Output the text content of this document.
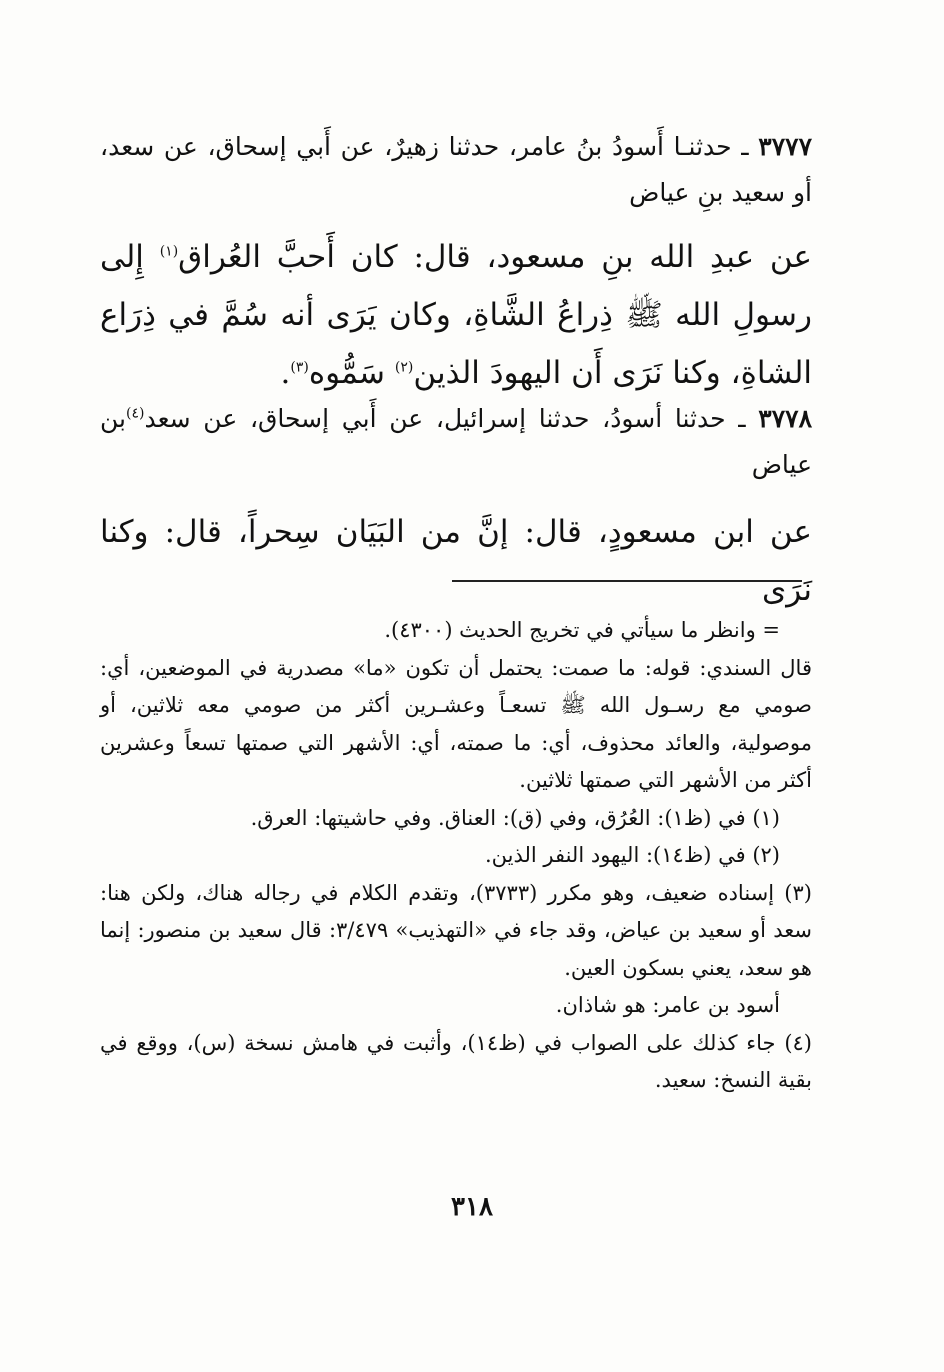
٣٧٧٧ ـ حدثنـا أَسودُ بنُ عامر، حدثنا زهيرٌ، عن أَبي إسحاق، عن سعد، أو سعيد بنِ عياض

عن عبدِ الله بنِ مسعود، قال: كان أَحبَّ العُراق$^{(١)}$ إِلى رسولِ الله ﷺ ذِراعُ الشَّاةِ، وكان يَرَى أنه سُمَّ في ذِرَاع الشاةِ، وكنا نَرَى أَن اليهودَ الذين$^{(٢)}$ سَمُّوه$^{(٣)}$.

٣٧٧٨ ـ حدثنا أسودُ، حدثنا إسرائيل، عن أَبي إسحاق، عن سعد$^{(٤)}$بن عياض

عن ابن مسعودٍ، قال: إنَّ من البَيَان سِحراً، قال: وكنا نَرَى

= وانظر ما سيأتي في تخريج الحديث (٤٣٠٠).

قال السندي: قوله: ما صمت: يحتمل أن تكون «ما» مصدرية في الموضعين، أي: صومي مع رسـول الله ﷺ تسعـاً وعشـرين أكثر من صومي معه ثلاثين، أو موصولية، والعائد محذوف، أي: ما صمته، أي: الأشهر التي صمتها تسعاً وعشرين أكثر من الأشهر التي صمتها ثلاثين.

(١) في (ظ١): العُرُق، وفي (ق): العناق. وفي حاشيتها: العرق.

(٢) في (ظ١٤): اليهود النفر الذين.

(٣) إسناده ضعيف، وهو مكرر (٣٧٣٣)، وتقدم الكلام في رجاله هناك، ولكن هنا: سعد أو سعيد بن عياض، وقد جاء في «التهذيب» ٣/٤٧٩: قال سعيد بن منصور: إنما هو سعد، يعني بسكون العين.

أسود بن عامر: هو شاذان.

(٤) جاء كذلك على الصواب في (ظ١٤)، وأثبت في هامش نسخة (س)، ووقع في بقية النسخ: سعيد.

٣١٨
